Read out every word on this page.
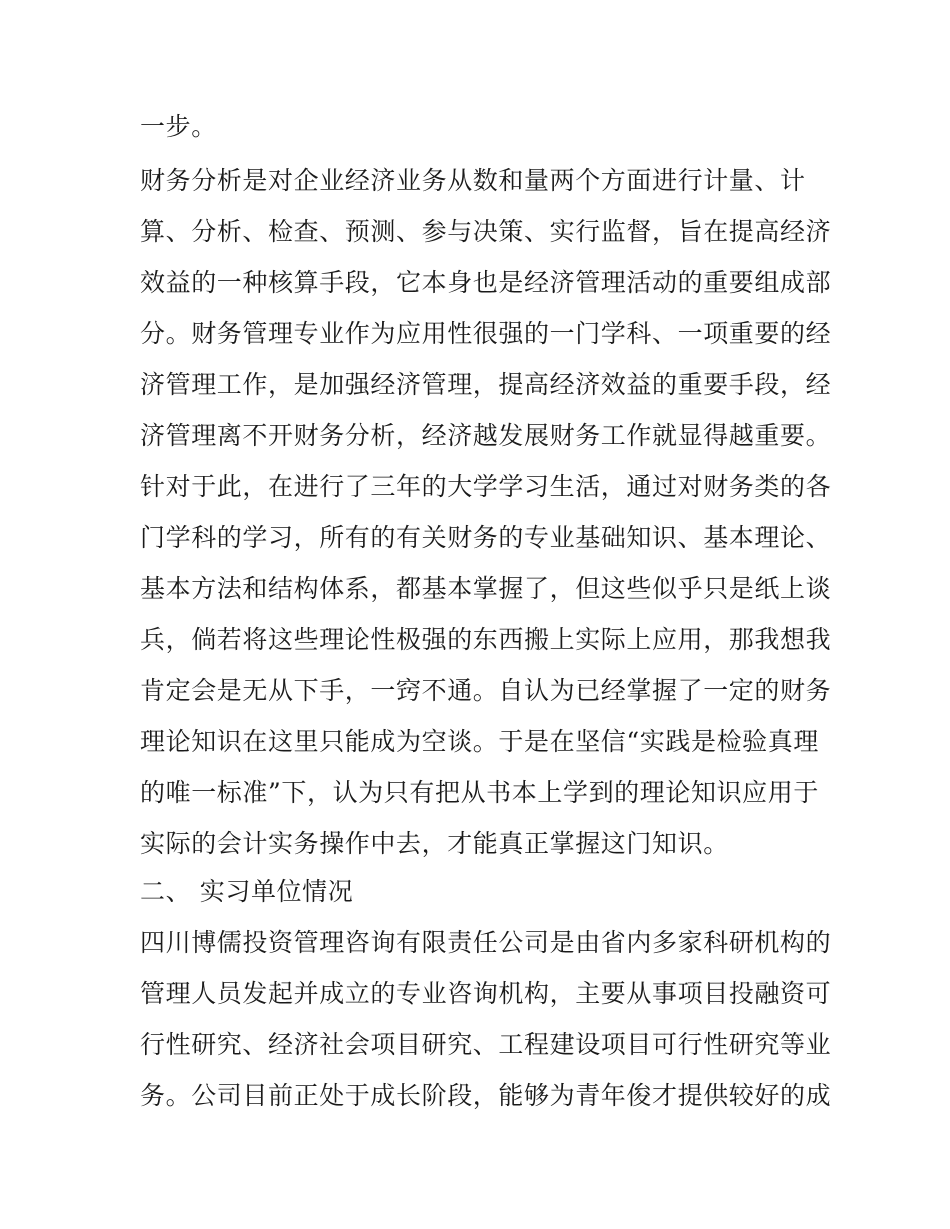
一步。
财务分析是对企业经济业务从数和量两个方面进行计量、计
算、分析、检查、预测、参与决策、实行监督，旨在提高经济
效益的一种核算手段，它本身也是经济管理活动的重要组成部
分。财务管理专业作为应用性很强的一门学科、一项重要的经
济管理工作，是加强经济管理，提高经济效益的重要手段，经
济管理离不开财务分析，经济越发展财务工作就显得越重要。
针对于此，在进行了三年的大学学习生活，通过对财务类的各
门学科的学习，所有的有关财务的专业基础知识、基本理论、
基本方法和结构体系，都基本掌握了，但这些似乎只是纸上谈
兵，倘若将这些理论性极强的东西搬上实际上应用，那我想我
肯定会是无从下手，一窍不通。自认为已经掌握了一定的财务
理论知识在这里只能成为空谈。于是在坚信“实践是检验真理
的唯一标准”下，认为只有把从书本上学到的理论知识应用于
实际的会计实务操作中去，才能真正掌握这门知识。
二、 实习单位情况
四川博儒投资管理咨询有限责任公司是由省内多家科研机构的
管理人员发起并成立的专业咨询机构，主要从事项目投融资可
行性研究、经济社会项目研究、工程建设项目可行性研究等业
务。公司目前正处于成长阶段，能够为青年俊才提供较好的成
